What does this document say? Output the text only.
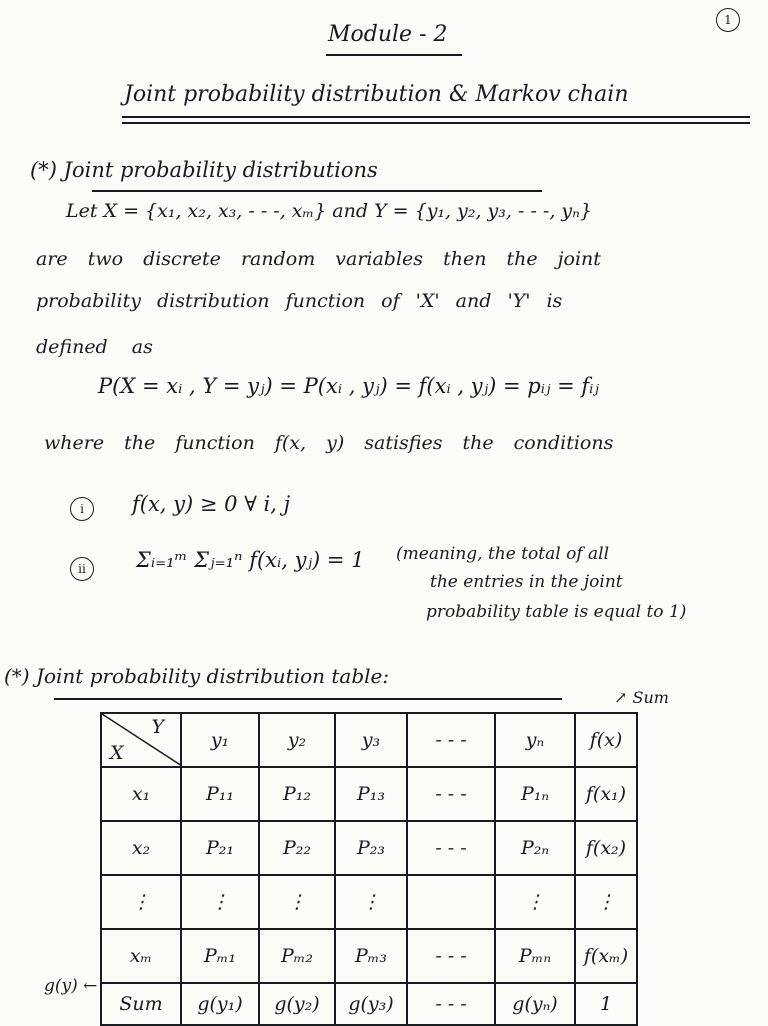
1
Module - 2
Joint probability distribution & Markov chain
(*) Joint probability distributions
Let X = {x₁, x₂, x₃, - - -, xₘ} and Y = {y₁, y₂, y₃, - - -, yₙ}
are two discrete random variables then the joint
probability distribution function of 'X' and 'Y' is
defined as
P(X = xᵢ , Y = yⱼ) = P(xᵢ , yⱼ) = f(xᵢ , yⱼ) = pᵢⱼ = fᵢⱼ
where the function f(x, y) satisfies the conditions
i	f(x, y) ≥ 0 ∀ i, j
ii	Σᵢ₌₁ᵐ Σⱼ₌₁ⁿ f(xᵢ, yⱼ) = 1 (meaning, the total of all
the entries in the joint
probability table is equal to 1)
(*) Joint probability distribution table:
↗ Sum
g(y) ←
Y
X	y₁	y₂	y₃	- - -	yₙ	f(x)
x₁	P₁₁	P₁₂	P₁₃	- - -	P₁ₙ	f(x₁)
x₂	P₂₁	P₂₂	P₂₃	- - -	P₂ₙ	f(x₂)
⋮	⋮	⋮	⋮		⋮	⋮
xₘ	Pₘ₁	Pₘ₂	Pₘ₃	- - -	Pₘₙ	f(xₘ)
Sum	g(y₁)	g(y₂)	g(y₃)	- - -	g(yₙ)	1
